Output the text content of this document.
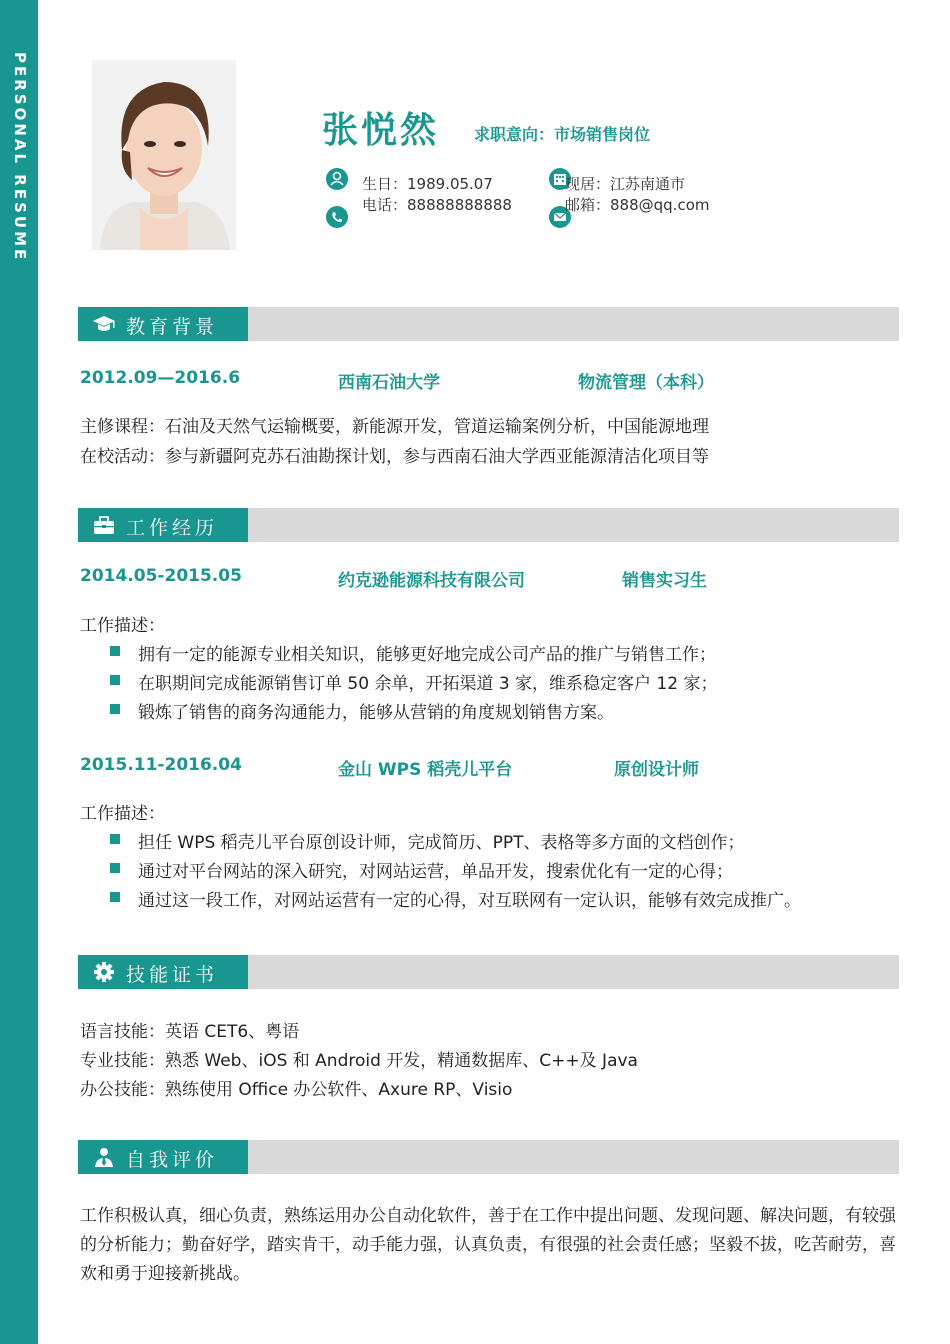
PERSONAL RESUME	张悦然 求职意向：市场销售岗位
生日：1989.05.07
电话：88888888888
现居：江苏南通市
邮箱：888@qq.com
教育背景
2012.09—2016.6	西南石油大学	物流管理（本科）
主修课程：石油及天然气运输概要，新能源开发，管道运输案例分析，中国能源地理
在校活动：参与新疆阿克苏石油勘探计划，参与西南石油大学西亚能源清洁化项目等
工作经历
2014.05-2015.05	约克逊能源科技有限公司	销售实习生
工作描述：
拥有一定的能源专业相关知识，能够更好地完成公司产品的推广与销售工作；
在职期间完成能源销售订单 50 余单，开拓渠道 3 家，维系稳定客户 12 家；
锻炼了销售的商务沟通能力，能够从营销的角度规划销售方案。
2015.11-2016.04	金山 WPS 稻壳儿平台	原创设计师
工作描述：
担任 WPS 稻壳儿平台原创设计师，完成简历、PPT、表格等多方面的文档创作；
通过对平台网站的深入研究，对网站运营，单品开发，搜索优化有一定的心得；
通过这一段工作，对网站运营有一定的心得，对互联网有一定认识，能够有效完成推广。
技能证书
语言技能：英语 CET6、粤语
专业技能：熟悉 Web、iOS 和 Android 开发，精通数据库、C++及 Java
办公技能：熟练使用 Office 办公软件、Axure RP、Visio
自我评价
工作积极认真，细心负责，熟练运用办公自动化软件，善于在工作中提出问题、发现问题、解决问题，有较强的分析能力；勤奋好学，踏实肯干，动手能力强，认真负责，有很强的社会责任感；坚毅不拔，吃苦耐劳，喜欢和勇于迎接新挑战。
